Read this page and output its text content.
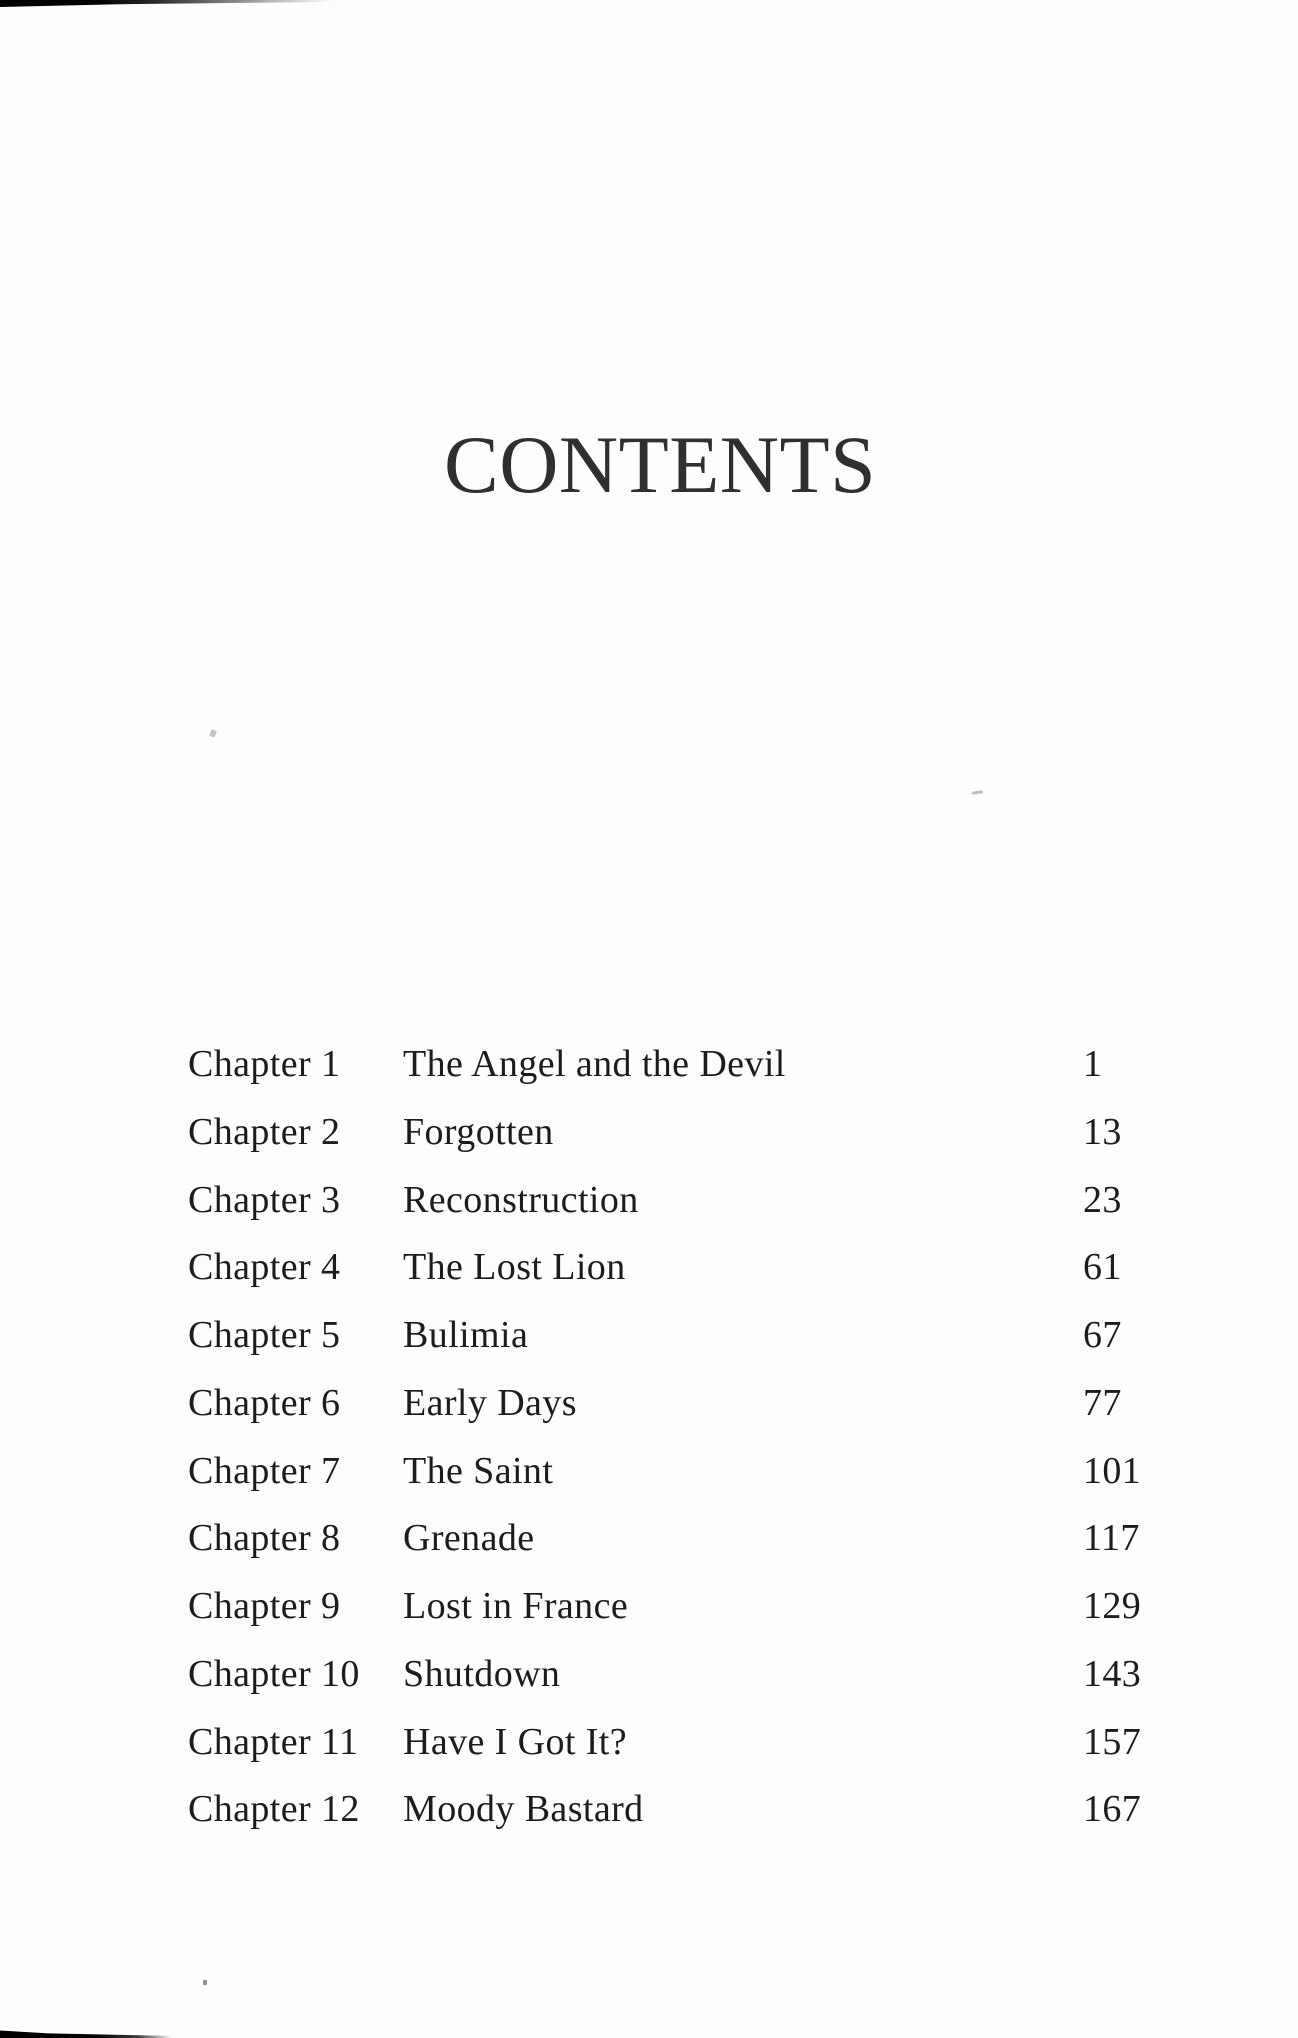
CONTENTS
Chapter 1	The Angel and the Devil	1
Chapter 2	Forgotten	13
Chapter 3	Reconstruction	23
Chapter 4	The Lost Lion	61
Chapter 5	Bulimia	67
Chapter 6	Early Days	77
Chapter 7	The Saint	101
Chapter 8	Grenade	117
Chapter 9	Lost in France	129
Chapter 10	Shutdown	143
Chapter 11	Have I Got It?	157
Chapter 12	Moody Bastard	167
